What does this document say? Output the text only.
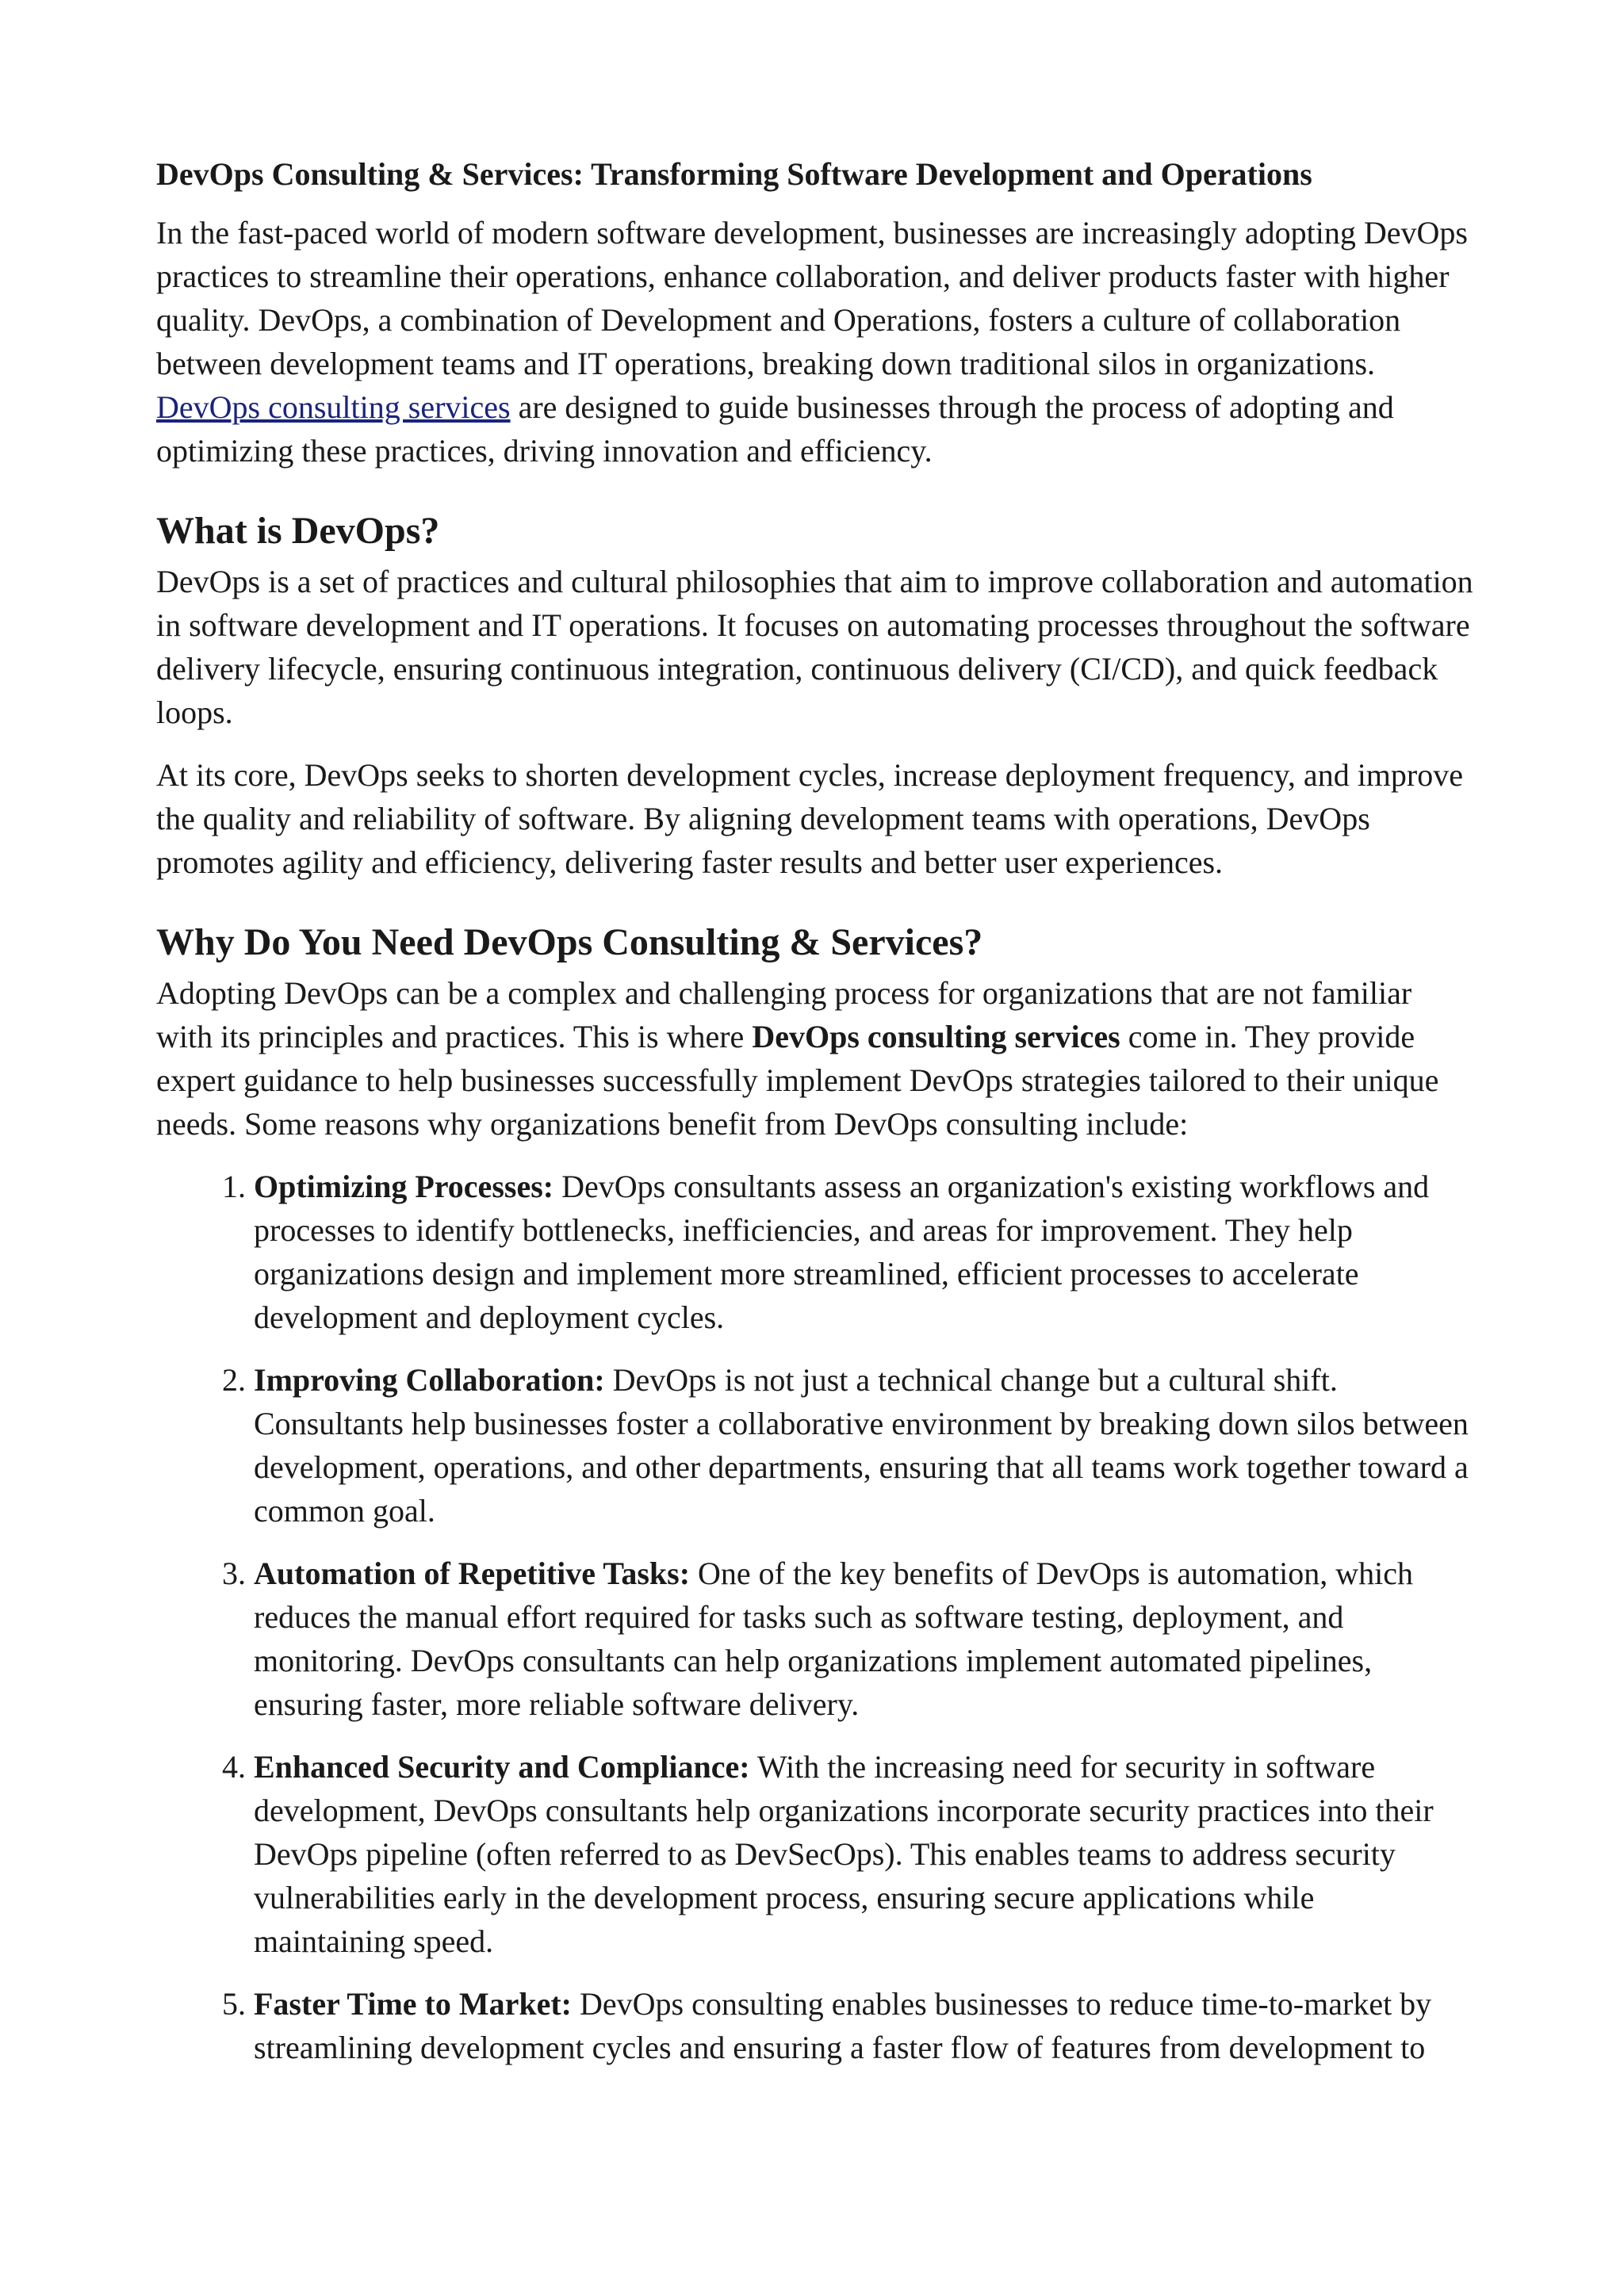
DevOps Consulting & Services: Transforming Software Development and Operations

In the fast-paced world of modern software development, businesses are increasingly adopting DevOps practices to streamline their operations, enhance collaboration, and deliver products faster with higher quality. DevOps, a combination of Development and Operations, fosters a culture of collaboration between development teams and IT operations, breaking down traditional silos in organizations. DevOps consulting services are designed to guide businesses through the process of adopting and optimizing these practices, driving innovation and efficiency.

What is DevOps?

DevOps is a set of practices and cultural philosophies that aim to improve collaboration and automation in software development and IT operations. It focuses on automating processes throughout the software delivery lifecycle, ensuring continuous integration, continuous delivery (CI/CD), and quick feedback loops.

At its core, DevOps seeks to shorten development cycles, increase deployment frequency, and improve the quality and reliability of software. By aligning development teams with operations, DevOps promotes agility and efficiency, delivering faster results and better user experiences.

Why Do You Need DevOps Consulting & Services?

Adopting DevOps can be a complex and challenging process for organizations that are not familiar with its principles and practices. This is where DevOps consulting services come in. They provide expert guidance to help businesses successfully implement DevOps strategies tailored to their unique needs. Some reasons why organizations benefit from DevOps consulting include:

1. Optimizing Processes: DevOps consultants assess an organization's existing workflows and processes to identify bottlenecks, inefficiencies, and areas for improvement. They help organizations design and implement more streamlined, efficient processes to accelerate development and deployment cycles.
2. Improving Collaboration: DevOps is not just a technical change but a cultural shift. Consultants help businesses foster a collaborative environment by breaking down silos between development, operations, and other departments, ensuring that all teams work together toward a common goal.
3. Automation of Repetitive Tasks: One of the key benefits of DevOps is automation, which reduces the manual effort required for tasks such as software testing, deployment, and monitoring. DevOps consultants can help organizations implement automated pipelines, ensuring faster, more reliable software delivery.
4. Enhanced Security and Compliance: With the increasing need for security in software development, DevOps consultants help organizations incorporate security practices into their DevOps pipeline (often referred to as DevSecOps). This enables teams to address security vulnerabilities early in the development process, ensuring secure applications while maintaining speed.
5. Faster Time to Market: DevOps consulting enables businesses to reduce time-to-market by streamlining development cycles and ensuring a faster flow of features from development to
